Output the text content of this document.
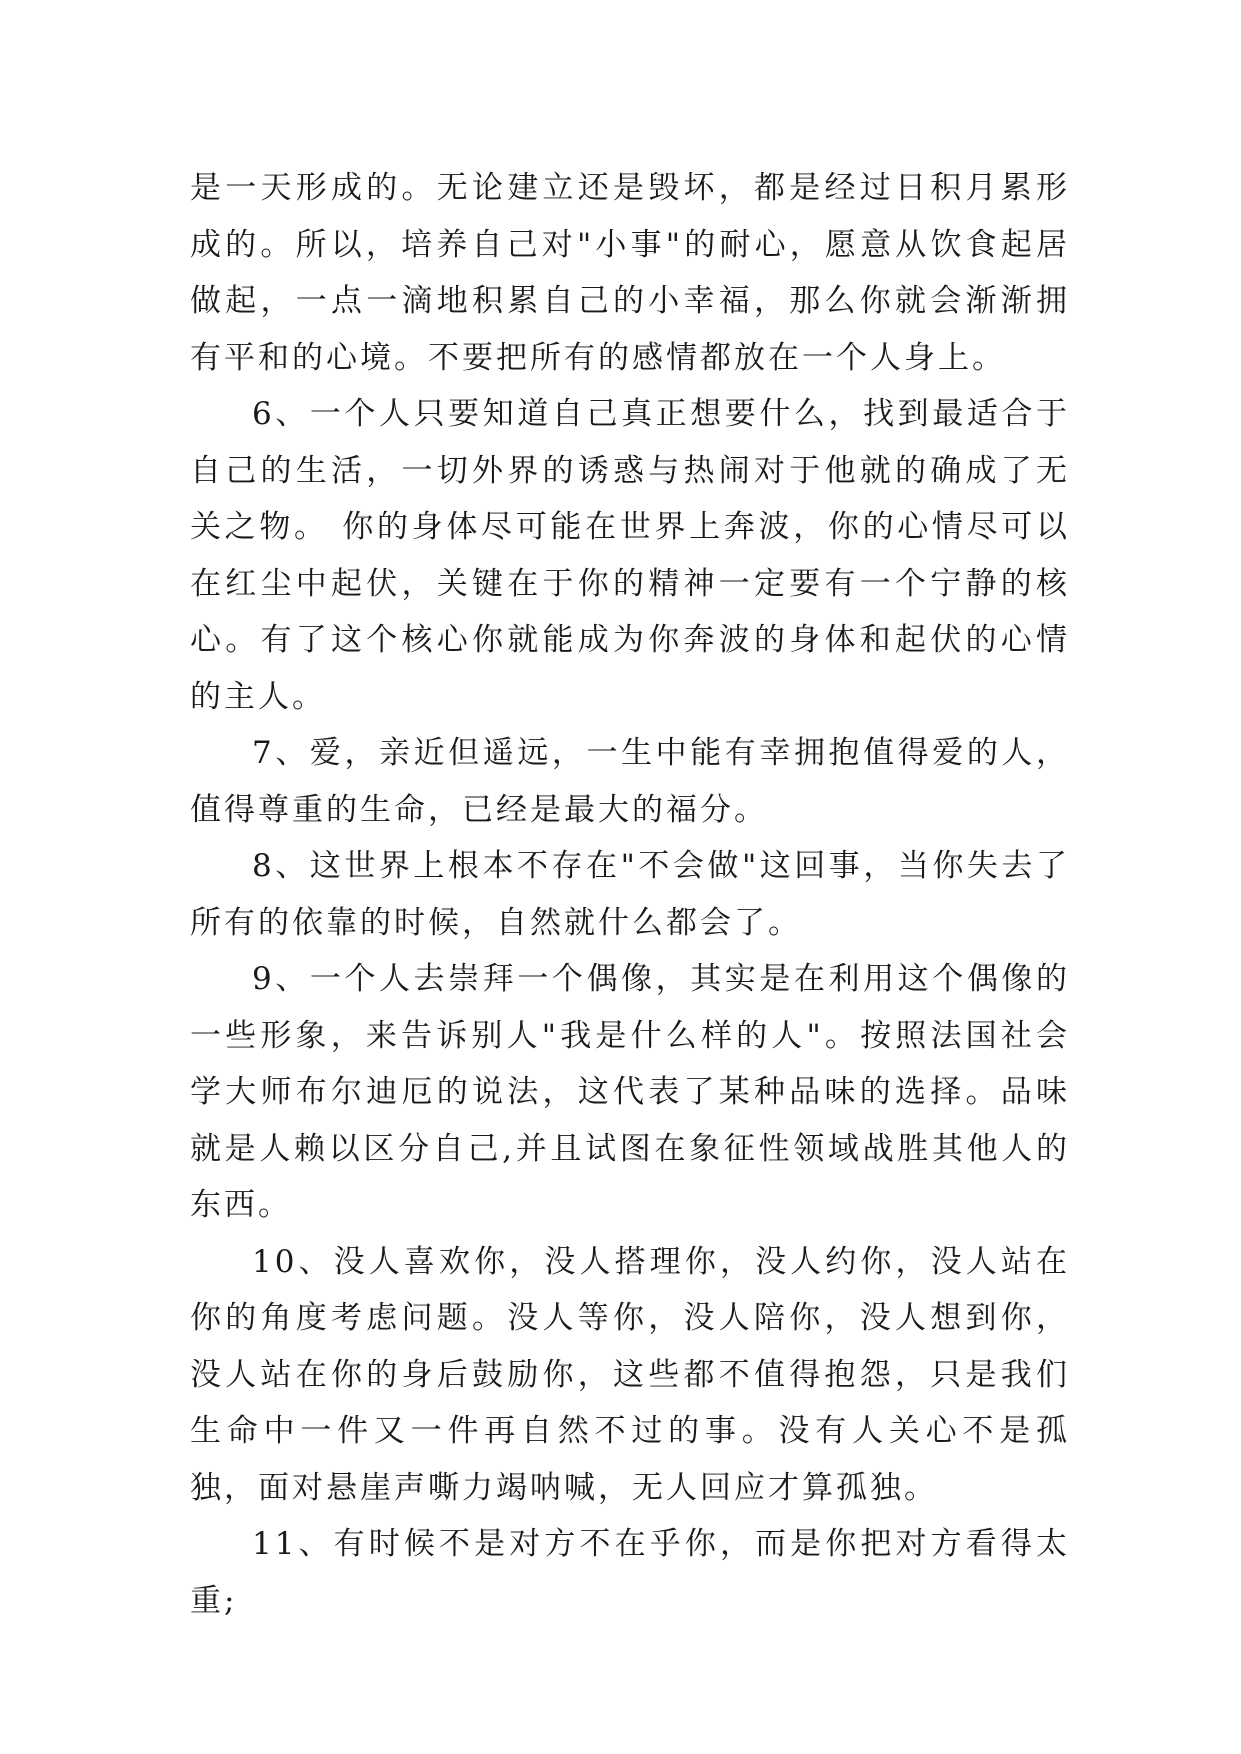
是一天形成的。无论建立还是毁坏，都是经过日积月累形成的。所以，培养自己对"小事"的耐心，愿意从饮食起居做起，一点一滴地积累自己的小幸福，那么你就会渐渐拥有平和的心境。不要把所有的感情都放在一个人身上。

6、一个人只要知道自己真正想要什么，找到最适合于自己的生活，一切外界的诱惑与热闹对于他就的确成了无关之物。 你的身体尽可能在世界上奔波，你的心情尽可以在红尘中起伏，关键在于你的精神一定要有一个宁静的核心。有了这个核心你就能成为你奔波的身体和起伏的心情的主人。

7、爱，亲近但遥远，一生中能有幸拥抱值得爱的人，值得尊重的生命，已经是最大的福分。

8、这世界上根本不存在"不会做"这回事，当你失去了所有的依靠的时候，自然就什么都会了。

9、一个人去崇拜一个偶像，其实是在利用这个偶像的一些形象，来告诉别人"我是什么样的人"。按照法国社会学大师布尔迪厄的说法，这代表了某种品味的选择。品味就是人赖以区分自己,并且试图在象征性领域战胜其他人的东西。

10、没人喜欢你，没人搭理你，没人约你，没人站在你的角度考虑问题。没人等你，没人陪你，没人想到你，没人站在你的身后鼓励你，这些都不值得抱怨，只是我们生命中一件又一件再自然不过的事。没有人关心不是孤独，面对悬崖声嘶力竭呐喊，无人回应才算孤独。

11、有时候不是对方不在乎你，而是你把对方看得太重;
